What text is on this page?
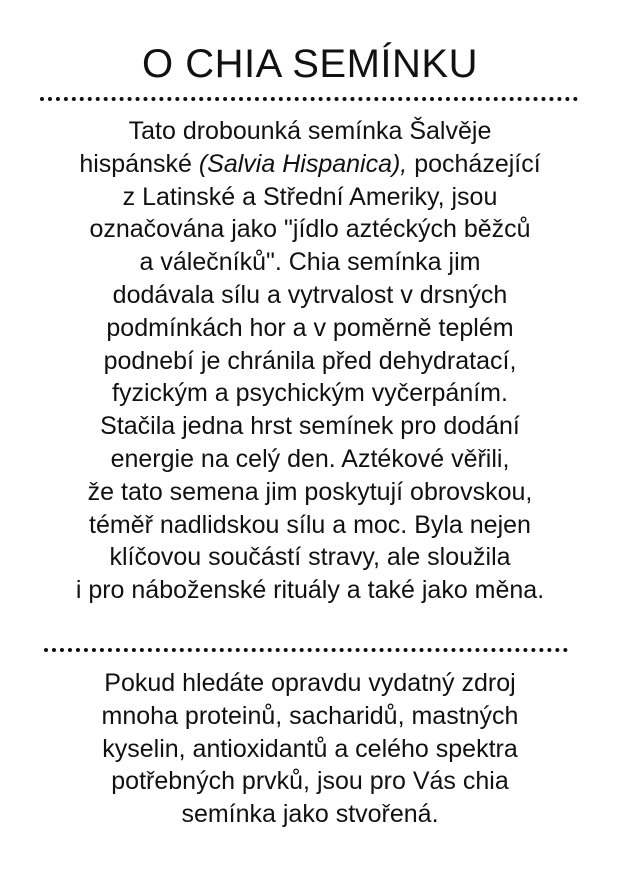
O CHIA SEMÍNKU
Tato drobounká semínka Šalvěje
hispánské (Salvia Hispanica), pocházející
z Latinské a Střední Ameriky, jsou
označována jako "jídlo aztéckých běžců
a válečníků". Chia semínka jim
dodávala sílu a vytrvalost v drsných
podmínkách hor a v poměrně teplém
podnebí je chránila před dehydratací,
fyzickým a psychickým vyčerpáním.
Stačila jedna hrst semínek pro dodání
energie na celý den. Aztékové věřili,
že tato semena jim poskytují obrovskou,
téměř nadlidskou sílu a moc. Byla nejen
klíčovou součástí stravy, ale sloužila
i pro náboženské rituály a také jako měna.
Pokud hledáte opravdu vydatný zdroj
mnoha proteinů, sacharidů, mastných
kyselin, antioxidantů a celého spektra
potřebných prvků, jsou pro Vás chia
semínka jako stvořená.
